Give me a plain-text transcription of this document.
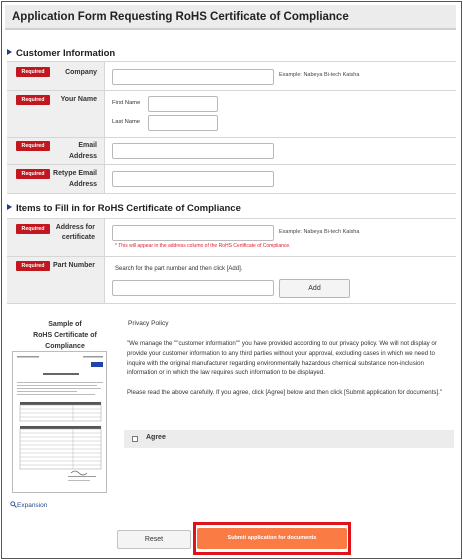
Application Form Requesting RoHS Certificate of Compliance
Customer Information
Required	Company	Example: Nabeya Bi-tech Kaisha
Required	Your Name	First Name
Last Name
Required	Email
Address
Required	Retype Email
Address
Items to Fill in for RoHS Certificate of Compliance
Required	Address for
certificate
Example: Nabeya Bi-tech Kaisha
* This will appear in the address column of the RoHS Certificate of Compliance.
Required	Part Number	Search for the part number and then click [Add].
Add
Sample of
RoHS Certificate of
Compliance
Expansion
Privacy Policy

"We manage the ""customer information"" you have provided according to our privacy policy. We will not display or provide your customer information to any third parties without your approval, excluding cases in which we need to inquire with the original manufacturer regarding environmentally hazardous chemical substance non-inclusion information or in which the law requires such information to be displayed.

Please read the above carefully. If you agree, click [Agree] below and then click [Submit application for documents]."

Agree
Reset	Submit application for documents
